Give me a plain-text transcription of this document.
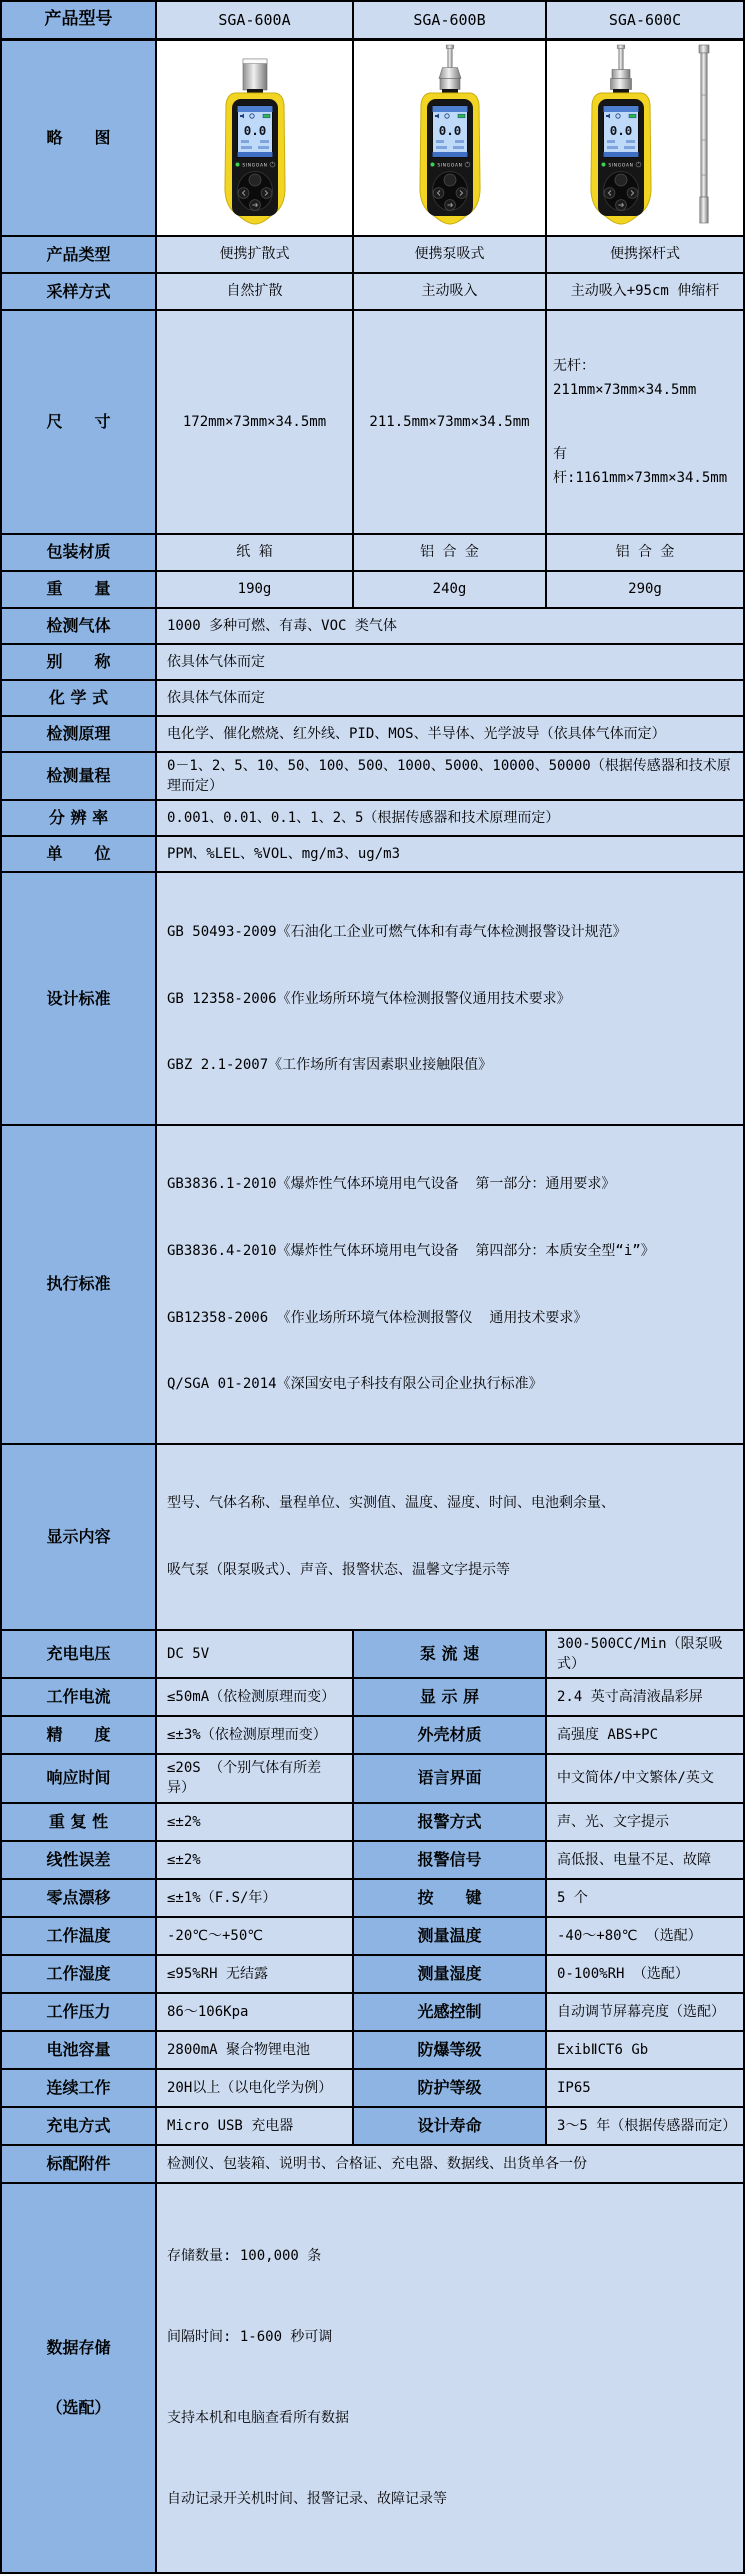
产品型号	SGA-600A	SGA-600B	SGA-600C
略　　图	

产品类型	便携扩散式	便携泵吸式	便携探杆式
采样方式	自然扩散	主动吸入	主动吸入+95cm 伸缩杆
尺　　寸	172mm×73mm×34.5mm	211.5mm×73mm×34.5mm	无杆：211mm×73mm×34.5mm

有杆:1161mm×73mm×34.5mm

包装材质	纸 箱	铝 合 金	铝 合 金
重　　量	190g	240g	290g
检测气体	1000 多种可燃、有毒、VOC 类气体		
别　　称	依具体气体而定		
化 学 式	依具体气体而定		
检测原理	电化学、催化燃烧、红外线、PID、MOS、半导体、光学波导（依具体气体而定）		
检测量程	0－1、2、5、10、50、100、500、1000、5000、10000、50000（根据传感器和技术原理而定）		
分 辨 率	0.001、0.01、0.1、1、2、5（根据传感器和技术原理而定）		
单　　位	PPM、%LEL、%VOL、mg/m3、ug/m3		
设计标准	GB 50493-2009《石油化工企业可燃气体和有毒气体检测报警设计规范》

GB 12358-2006《作业场所环境气体检测报警仪通用技术要求》

GBZ 2.1-2007《工作场所有害因素职业接触限值》		

执行标准	GB3836.1-2010《爆炸性气体环境用电气设备  第一部分：通用要求》

GB3836.4-2010《爆炸性气体环境用电气设备  第四部分：本质安全型“i”》

GB12358-2006 《作业场所环境气体检测报警仪  通用技术要求》

Q/SGA 01-2014《深国安电子科技有限公司企业执行标准》		

显示内容	型号、气体名称、量程单位、实测值、温度、湿度、时间、电池剩余量、

吸气泵（限泵吸式）、声音、报警状态、温馨文字提示等		

充电电压	DC 5V	泵 流 速	300-500CC/Min（限泵吸式）
工作电流	≤50mA（依检测原理而变）	显 示 屏	2.4 英寸高清液晶彩屏
精　　度	≤±3%（依检测原理而变）	外壳材质	高强度 ABS+PC
响应时间	≤20S （个别气体有所差异）	语言界面	中文简体/中文繁体/英文
重 复 性	≤±2%	报警方式	声、光、文字提示
线性误差	≤±2%	报警信号	高低报、电量不足、故障
零点漂移	≤±1%（F.S/年）	按　　键	5 个
工作温度	-20℃～+50℃	测量温度	-40～+80℃ （选配）
工作湿度	≤95%RH 无结露	测量湿度	0-100%RH （选配）
工作压力	86～106Kpa	光感控制	自动调节屏幕亮度（选配）
电池容量	2800mA 聚合物锂电池	防爆等级	ExibⅡCT6 Gb
连续工作	20H以上（以电化学为例）	防护等级	IP65
充电方式	Micro USB 充电器	设计寿命	3～5 年（根据传感器而定）
标配附件	检测仪、包装箱、说明书、合格证、充电器、数据线、出货单各一份		

数据存储

（选配）

存储数量: 100,000 条

间隔时间: 1-600 秒可调

支持本机和电脑查看所有数据

自动记录开关机时间、报警记录、故障记录等
